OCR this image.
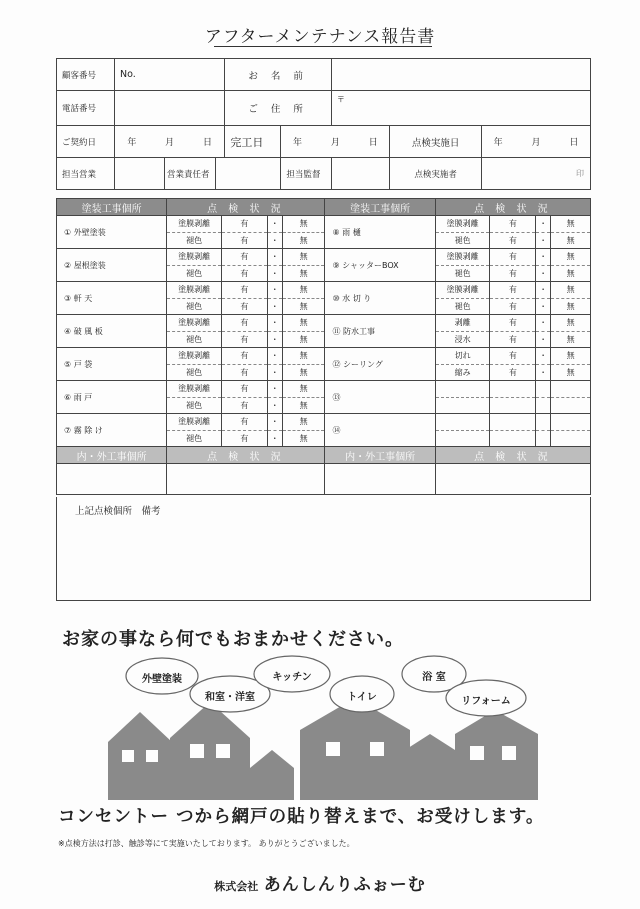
アフターメンテナンス報告書
顧客番号	No.			お 名 前				
電話番号				ご 住 所		〒		
ご契約日	年 月 日			完工日	年 月 日		点検実施日	年 月 日
担当営業		営業責任者			担当監督		点検実施者	印
塗装工事個所	点 検 状 況				塗装工事個所	点 検 状 況			
① 外壁塗装	塗膜剥離	有	・	無	⑧ 雨 樋	塗膜剥離	有	・	無
	褪色	有	・	無		褪色	有	・	無
② 屋根塗装	塗膜剥離	有	・	無	⑨ シャッターBOX	塗膜剥離	有	・	無
	褪色	有	・	無		褪色	有	・	無
③ 軒 天	塗膜剥離	有	・	無	⑩ 水 切 り	塗膜剥離	有	・	無
	褪色	有	・	無		褪色	有	・	無
④ 破 風 板	塗膜剥離	有	・	無	⑪ 防水工事	剥離	有	・	無
	褪色	有	・	無		浸水	有	・	無
⑤ 戸 袋	塗膜剥離	有	・	無	⑫ シーリング	切れ	有	・	無
	褪色	有	・	無		縮み	有	・	無
⑥ 雨 戸	塗膜剥離	有	・	無	⑬				
	褪色	有	・	無					
⑦ 霧 除 け	塗膜剥離	有	・	無	⑭				
	褪色	有	・	無					
内・外工事個所	点 検 状 況				内・外工事個所	点 検 状 況			

上記点検個所　備考
お家の事なら何でもおまかせください。
外壁塗装
和室・洋室
キッチン
トイレ
浴 室
リフォーム
コンセントー つから網戸の貼り替えまで、お受けします。
※点検方法は打診、触診等にて実施いたしております。 ありがとうございました。
株式会社 あんしんりふぉーむ
